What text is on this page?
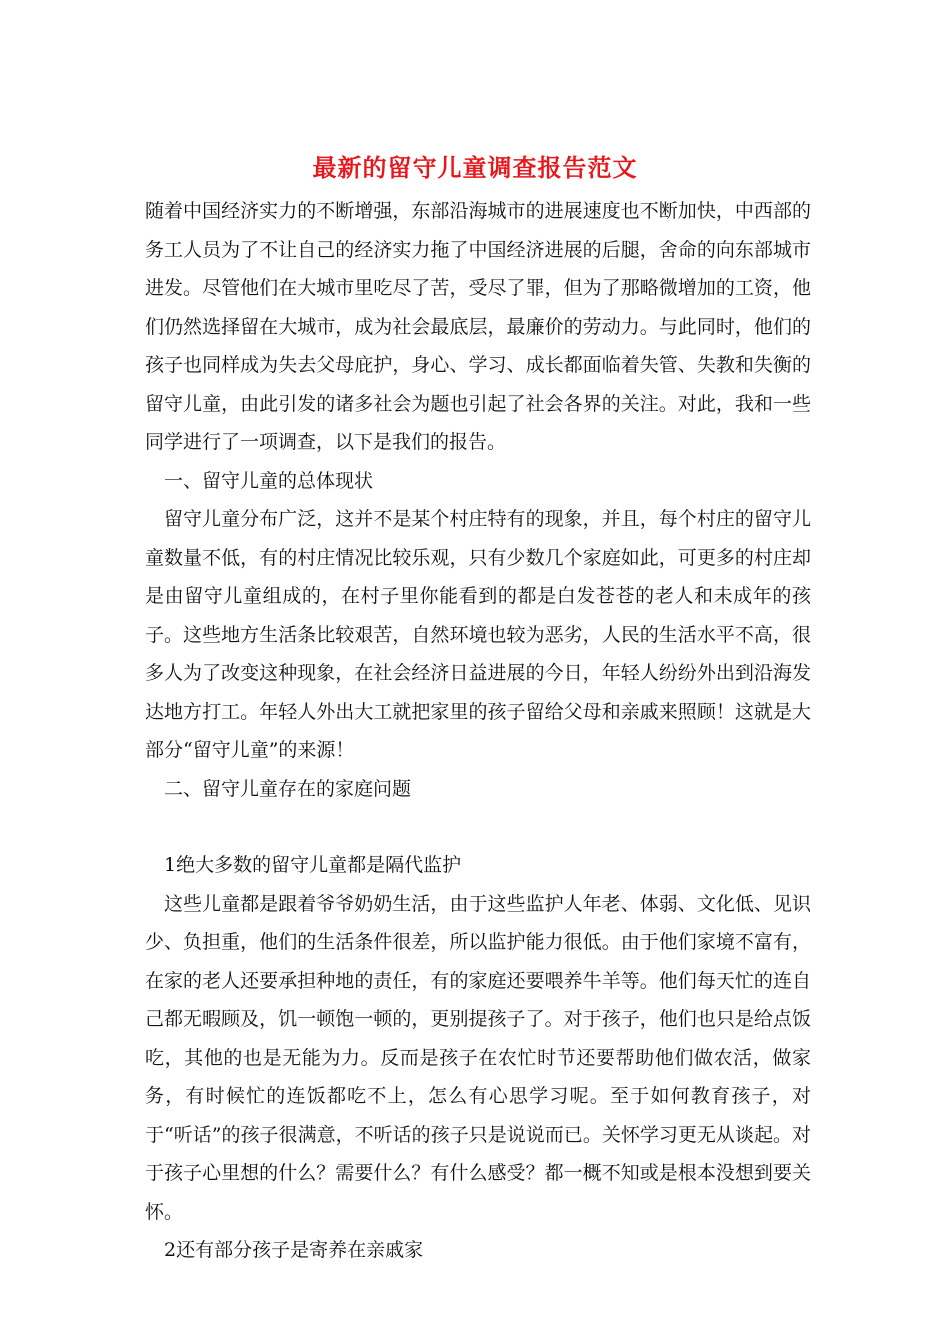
最新的留守儿童调查报告范文

随着中国经济实力的不断增强，东部沿海城市的进展速度也不断加快，中西部的务工人员为了不让自己的经济实力拖了中国经济进展的后腿，舍命的向东部城市进发。尽管他们在大城市里吃尽了苦，受尽了罪，但为了那略微增加的工资，他们仍然选择留在大城市，成为社会最底层，最廉价的劳动力。与此同时，他们的孩子也同样成为失去父母庇护，身心、学习、成长都面临着失管、失教和失衡的留守儿童，由此引发的诸多社会为题也引起了社会各界的关注。对此，我和一些同学进行了一项调查，以下是我们的报告。

一、留守儿童的总体现状

留守儿童分布广泛，这并不是某个村庄特有的现象，并且，每个村庄的留守儿童数量不低，有的村庄情况比较乐观，只有少数几个家庭如此，可更多的村庄却是由留守儿童组成的，在村子里你能看到的都是白发苍苍的老人和未成年的孩子。这些地方生活条比较艰苦，自然环境也较为恶劣，人民的生活水平不高，很多人为了改变这种现象，在社会经济日益进展的今日，年轻人纷纷外出到沿海发达地方打工。年轻人外出大工就把家里的孩子留给父母和亲戚来照顾！这就是大部分“留守儿童”的来源！

二、留守儿童存在的家庭问题

1绝大多数的留守儿童都是隔代监护

这些儿童都是跟着爷爷奶奶生活，由于这些监护人年老、体弱、文化低、见识少、负担重，他们的生活条件很差，所以监护能力很低。由于他们家境不富有，在家的老人还要承担种地的责任，有的家庭还要喂养牛羊等。他们每天忙的连自己都无暇顾及，饥一顿饱一顿的，更别提孩子了。对于孩子，他们也只是给点饭吃，其他的也是无能为力。反而是孩子在农忙时节还要帮助他们做农活，做家务，有时候忙的连饭都吃不上，怎么有心思学习呢。至于如何教育孩子，对于“听话”的孩子很满意，不听话的孩子只是说说而已。关怀学习更无从谈起。对于孩子心里想的什么？需要什么？有什么感受？都一概不知或是根本没想到要关怀。

2还有部分孩子是寄养在亲戚家
